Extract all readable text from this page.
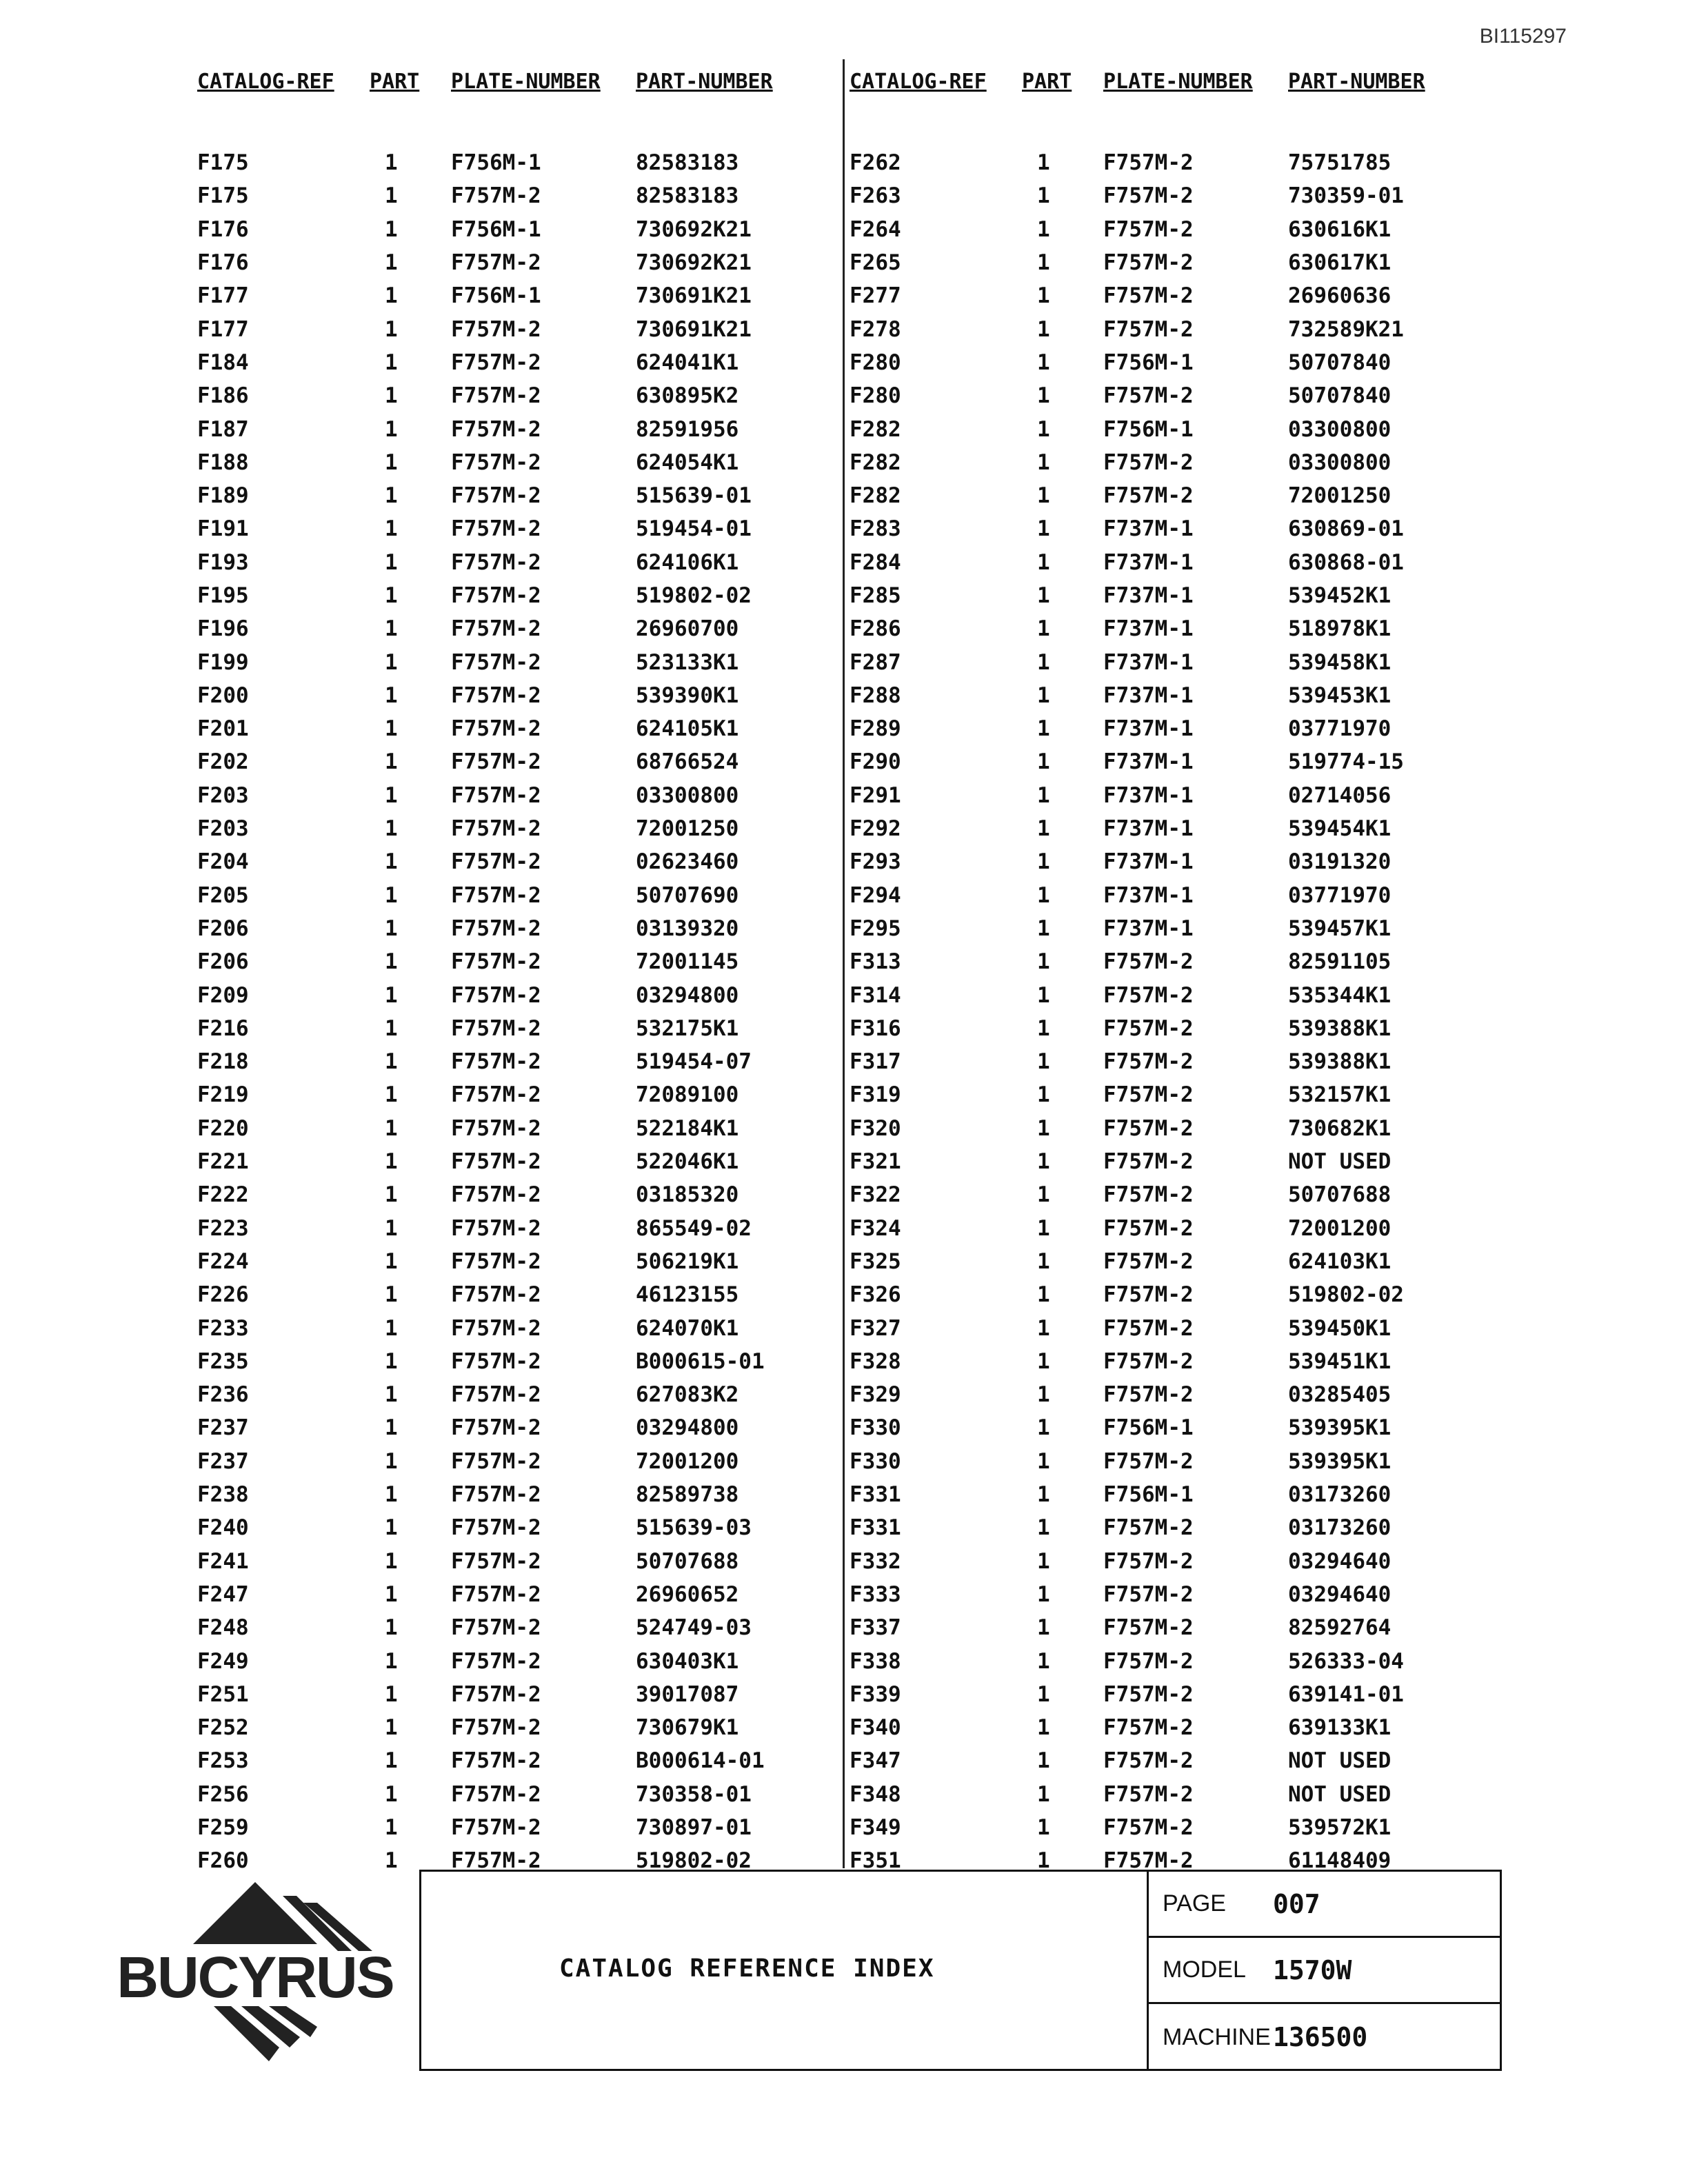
BI115297
CATALOG-REF	PART	PLATE-NUMBER	PART-NUMBER
F175	1	F756M-1	82583183
F175	1	F757M-2	82583183
F176	1	F756M-1	730692K21
F176	1	F757M-2	730692K21
F177	1	F756M-1	730691K21
F177	1	F757M-2	730691K21
F184	1	F757M-2	624041K1
F186	1	F757M-2	630895K2
F187	1	F757M-2	82591956
F188	1	F757M-2	624054K1
F189	1	F757M-2	515639-01
F191	1	F757M-2	519454-01
F193	1	F757M-2	624106K1
F195	1	F757M-2	519802-02
F196	1	F757M-2	26960700
F199	1	F757M-2	523133K1
F200	1	F757M-2	539390K1
F201	1	F757M-2	624105K1
F202	1	F757M-2	68766524
F203	1	F757M-2	03300800
F203	1	F757M-2	72001250
F204	1	F757M-2	02623460
F205	1	F757M-2	50707690
F206	1	F757M-2	03139320
F206	1	F757M-2	72001145
F209	1	F757M-2	03294800
F216	1	F757M-2	532175K1
F218	1	F757M-2	519454-07
F219	1	F757M-2	72089100
F220	1	F757M-2	522184K1
F221	1	F757M-2	522046K1
F222	1	F757M-2	03185320
F223	1	F757M-2	865549-02
F224	1	F757M-2	506219K1
F226	1	F757M-2	46123155
F233	1	F757M-2	624070K1
F235	1	F757M-2	B000615-01
F236	1	F757M-2	627083K2
F237	1	F757M-2	03294800
F237	1	F757M-2	72001200
F238	1	F757M-2	82589738
F240	1	F757M-2	515639-03
F241	1	F757M-2	50707688
F247	1	F757M-2	26960652
F248	1	F757M-2	524749-03
F249	1	F757M-2	630403K1
F251	1	F757M-2	39017087
F252	1	F757M-2	730679K1
F253	1	F757M-2	B000614-01
F256	1	F757M-2	730358-01
F259	1	F757M-2	730897-01
F260	1	F757M-2	519802-02
CATALOG-REF	PART	PLATE-NUMBER	PART-NUMBER
F262	1	F757M-2	75751785
F263	1	F757M-2	730359-01
F264	1	F757M-2	630616K1
F265	1	F757M-2	630617K1
F277	1	F757M-2	26960636
F278	1	F757M-2	732589K21
F280	1	F756M-1	50707840
F280	1	F757M-2	50707840
F282	1	F756M-1	03300800
F282	1	F757M-2	03300800
F282	1	F757M-2	72001250
F283	1	F737M-1	630869-01
F284	1	F737M-1	630868-01
F285	1	F737M-1	539452K1
F286	1	F737M-1	518978K1
F287	1	F737M-1	539458K1
F288	1	F737M-1	539453K1
F289	1	F737M-1	03771970
F290	1	F737M-1	519774-15
F291	1	F737M-1	02714056
F292	1	F737M-1	539454K1
F293	1	F737M-1	03191320
F294	1	F737M-1	03771970
F295	1	F737M-1	539457K1
F313	1	F757M-2	82591105
F314	1	F757M-2	535344K1
F316	1	F757M-2	539388K1
F317	1	F757M-2	539388K1
F319	1	F757M-2	532157K1
F320	1	F757M-2	730682K1
F321	1	F757M-2	NOT USED
F322	1	F757M-2	50707688
F324	1	F757M-2	72001200
F325	1	F757M-2	624103K1
F326	1	F757M-2	519802-02
F327	1	F757M-2	539450K1
F328	1	F757M-2	539451K1
F329	1	F757M-2	03285405
F330	1	F756M-1	539395K1
F330	1	F757M-2	539395K1
F331	1	F756M-1	03173260
F331	1	F757M-2	03173260
F332	1	F757M-2	03294640
F333	1	F757M-2	03294640
F337	1	F757M-2	82592764
F338	1	F757M-2	526333-04
F339	1	F757M-2	639141-01
F340	1	F757M-2	639133K1
F347	1	F757M-2	NOT USED
F348	1	F757M-2	NOT USED
F349	1	F757M-2	539572K1
F351	1	F757M-2	61148409
BUCYRUS	CATALOG REFERENCE INDEX
PAGE	007
MODEL	1570W
MACHINE 136500
